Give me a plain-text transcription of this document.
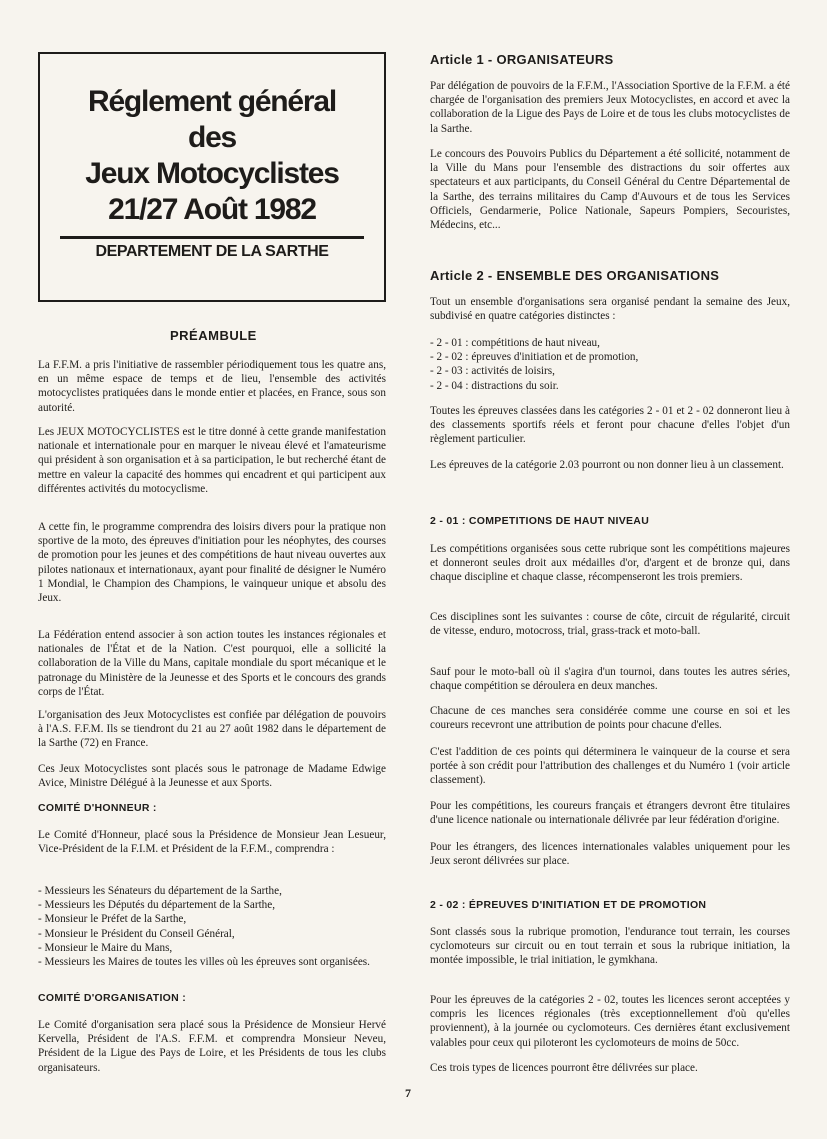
Réglement général
des
Jeux Motocyclistes
21/27 Août 1982
DEPARTEMENT DE LA SARTHE
PRÉAMBULE

La F.F.M. a pris l'initiative de rassembler périodiquement tous les quatre ans, en un même espace de temps et de lieu, l'ensemble des activités motocyclistes pratiquées dans le monde entier et placées, en France, sous son autorité.

Les JEUX MOTOCYCLISTES est le titre donné à cette grande manifestation nationale et internationale pour en marquer le niveau élevé et l'amateurisme qui président à son organisation et à sa participation, le but recherché étant de mettre en valeur la capacité des hommes qui encadrent et qui participent aux différentes activités du motocyclisme.

A cette fin, le programme comprendra des loisirs divers pour la pratique non sportive de la moto, des épreuves d'initiation pour les néophytes, des courses de promotion pour les jeunes et des compétitions de haut niveau ouvertes aux pilotes nationaux et internationaux, ayant pour finalité de désigner le Numéro 1 Mondial, le Champion des Champions, le vainqueur unique et absolu des Jeux.

La Fédération entend associer à son action toutes les instances régionales et nationales de l'État et de la Nation. C'est pourquoi, elle a sollicité la collaboration de la Ville du Mans, capitale mondiale du sport mécanique et le patronage du Ministère de la Jeunesse et des Sports et le concours des grands corps de l'État.

L'organisation des Jeux Motocyclistes est confiée par délégation de pouvoirs à l'A.S. F.F.M. Ils se tiendront du 21 au 27 août 1982 dans le département de la Sarthe (72) en France.

Ces Jeux Motocyclistes sont placés sous le patronage de Madame Edwige Avice, Ministre Délégué à la Jeunesse et aux Sports.

COMITÉ D'HONNEUR :

Le Comité d'Honneur, placé sous la Présidence de Monsieur Jean Lesueur, Vice-Président de la F.I.M. et Président de la F.F.M., comprendra :

- Messieurs les Sénateurs du département de la Sarthe,
- Messieurs les Députés du département de la Sarthe,
- Monsieur le Préfet de la Sarthe,
- Monsieur le Président du Conseil Général,
- Monsieur le Maire du Mans,
- Messieurs les Maires de toutes les villes où les épreuves sont organisées.
COMITÉ D'ORGANISATION :

Le Comité d'organisation sera placé sous la Présidence de Monsieur Hervé Kervella, Président de l'A.S. F.F.M. et comprendra Monsieur Neveu, Président de la Ligue des Pays de Loire, et les Présidents de tous les clubs organisateurs.

Article 1 - ORGANISATEURS

Par délégation de pouvoirs de la F.F.M., l'Association Sportive de la F.F.M. a été chargée de l'organisation des premiers Jeux Motocyclistes, en accord et avec la collaboration de la Ligue des Pays de Loire et de tous les clubs motocyclistes de la Sarthe.

Le concours des Pouvoirs Publics du Département a été sollicité, notamment de la Ville du Mans pour l'ensemble des distractions du soir offertes aux spectateurs et aux participants, du Conseil Général du Centre Départemental de la Sarthe, des terrains militaires du Camp d'Auvours et de tous les Services Officiels, Gendarmerie, Police Nationale, Sapeurs Pompiers, Secouristes, Médecins, etc...

Article 2 - ENSEMBLE DES ORGANISATIONS

Tout un ensemble d'organisations sera organisé pendant la semaine des Jeux, subdivisé en quatre catégories distinctes :

- 2 - 01 : compétitions de haut niveau,
- 2 - 02 : épreuves d'initiation et de promotion,
- 2 - 03 : activités de loisirs,
- 2 - 04 : distractions du soir.

Toutes les épreuves classées dans les catégories 2 - 01 et 2 - 02 donneront lieu à des classements sportifs réels et feront pour chacune d'elles l'objet d'un règlement particulier.

Les épreuves de la catégorie 2.03 pourront ou non donner lieu à un classement.

2 - 01 : COMPETITIONS DE HAUT NIVEAU

Les compétitions organisées sous cette rubrique sont les compétitions majeures et donneront seules droit aux médailles d'or, d'argent et de bronze qui, dans chaque discipline et chaque classe, récompenseront les trois premiers.

Ces disciplines sont les suivantes : course de côte, circuit de régularité, circuit de vitesse, enduro, motocross, trial, grass-track et moto-ball.

Sauf pour le moto-ball où il s'agira d'un tournoi, dans toutes les autres séries, chaque compétition se déroulera en deux manches.

Chacune de ces manches sera considérée comme une course en soi et les coureurs recevront une attribution de points pour chacune d'elles.

C'est l'addition de ces points qui déterminera le vainqueur de la course et sera portée à son crédit pour l'attribution des challenges et du Numéro 1 (voir article classement).

Pour les compétitions, les coureurs français et étrangers devront être titulaires d'une licence nationale ou internationale délivrée par leur fédération d'origine.

Pour les étrangers, des licences internationales valables uniquement pour les Jeux seront délivrées sur place.

2 - 02 : ÉPREUVES D'INITIATION ET DE PROMOTION

Sont classés sous la rubrique promotion, l'endurance tout terrain, les courses cyclomoteurs sur circuit ou en tout terrain et sous la rubrique initiation, la montée impossible, le trial initiation, le gymkhana.

Pour les épreuves de la catégories 2 - 02, toutes les licences seront acceptées y compris les licences régionales (très exceptionnellement d'où qu'elles proviennent), à la journée ou cyclomoteurs. Ces dernières étant exclusivement valables pour ceux qui piloteront les cyclomoteurs de moins de 50cc.

Ces trois types de licences pourront être délivrées sur place.

7
